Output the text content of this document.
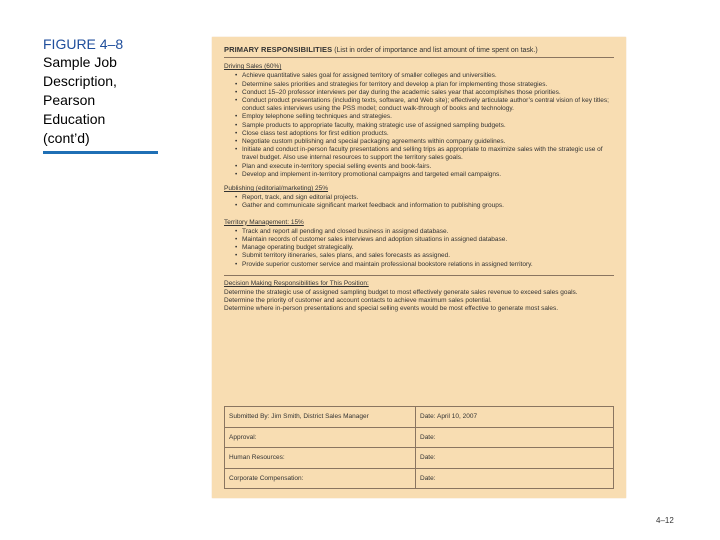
FIGURE 4–8
Sample Job
Description,
Pearson
Education
(cont’d)
PRIMARY RESPONSIBILITIES (List in order of importance and list amount of time spent on task.)
Driving Sales (60%)
• Achieve quantitative sales goal for assigned territory of smaller colleges and universities.
• Determine sales priorities and strategies for territory and develop a plan for implementing those strategies.
• Conduct 15–20 professor interviews per day during the academic sales year that accomplishes those priorities.
• Conduct product presentations (including texts, software, and Web site); effectively articulate author’s central vision of key titles; conduct sales interviews using the PSS model; conduct walk-through of books and technology.
• Employ telephone selling techniques and strategies.
• Sample products to appropriate faculty, making strategic use of assigned sampling budgets.
• Close class test adoptions for first edition products.
• Negotiate custom publishing and special packaging agreements within company guidelines.
• Initiate and conduct in-person faculty presentations and selling trips as appropriate to maximize sales with the strategic use of travel budget. Also use internal resources to support the territory sales goals.
• Plan and execute in-territory special selling events and book-fairs.
• Develop and implement in-territory promotional campaigns and targeted email campaigns.
Publishing (editorial/marketing) 25%
• Report, track, and sign editorial projects.
• Gather and communicate significant market feedback and information to publishing groups.
Territory Management: 15%
• Track and report all pending and closed business in assigned database.
• Maintain records of customer sales interviews and adoption situations in assigned database.
• Manage operating budget strategically.
• Submit territory itineraries, sales plans, and sales forecasts as assigned.
• Provide superior customer service and maintain professional bookstore relations in assigned territory.
Decision Making Responsibilities for This Position:

Determine the strategic use of assigned sampling budget to most effectively generate sales revenue to exceed sales goals.

Determine the priority of customer and account contacts to achieve maximum sales potential.

Determine where in-person presentations and special selling events would be most effective to generate most sales.

Submitted By: Jim Smith, District Sales Manager	Date: April 10, 2007
Approval:	Date:
Human Resources:	Date:
Corporate Compensation:	Date:
4–12
